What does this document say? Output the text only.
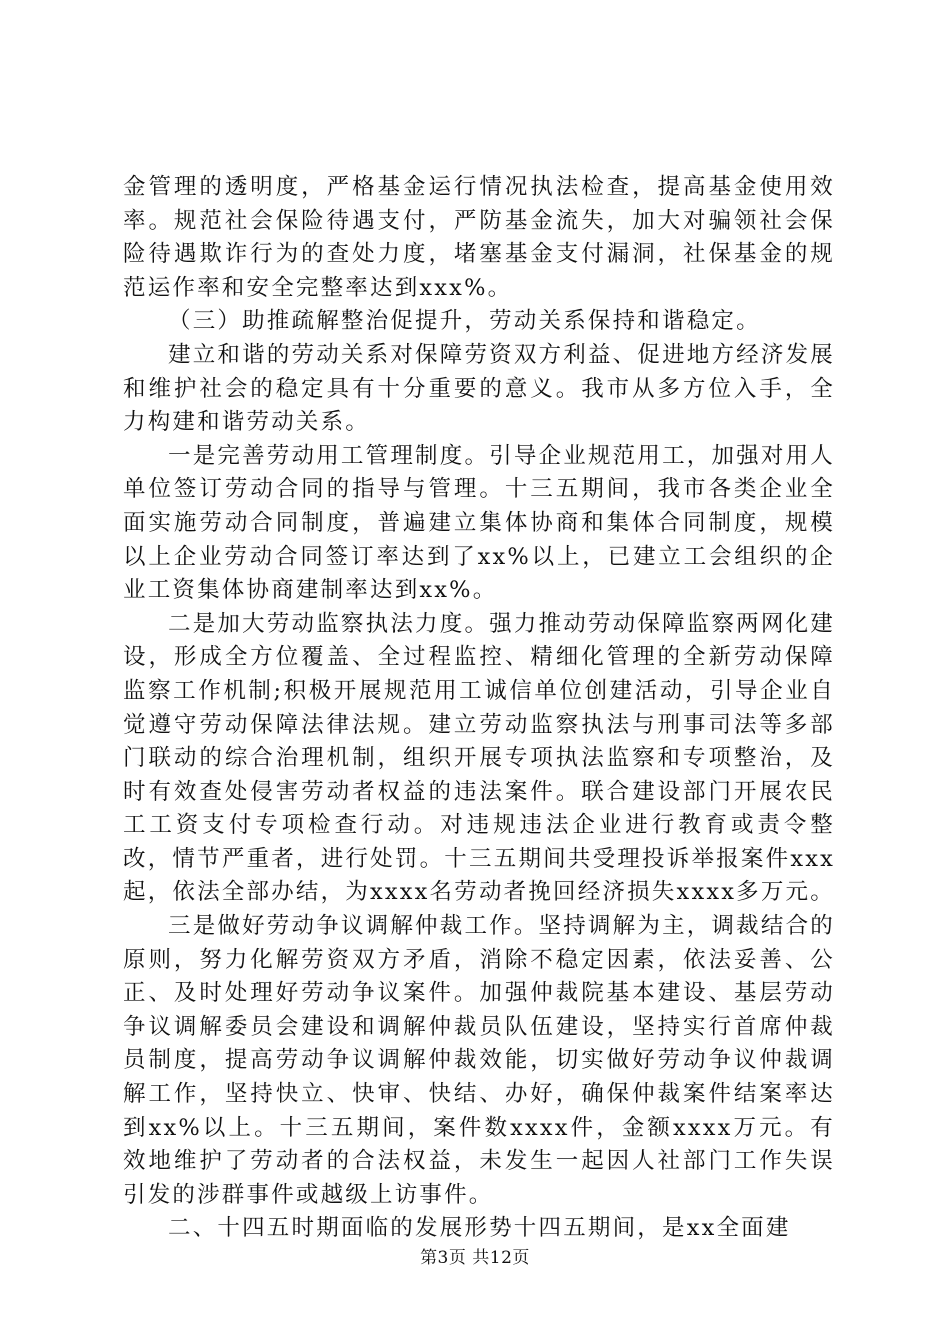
金管理的透明度，严格基金运行情况执法检查，提高基金使用效率。规范社会保险待遇支付，严防基金流失，加大对骗领社会保险待遇欺诈行为的查处力度，堵塞基金支付漏洞，社保基金的规范运作率和安全完整率达到xxx%。

（三）助推疏解整治促提升，劳动关系保持和谐稳定。

建立和谐的劳动关系对保障劳资双方利益、促进地方经济发展和维护社会的稳定具有十分重要的意义。我市从多方位入手，全力构建和谐劳动关系。

一是完善劳动用工管理制度。引导企业规范用工，加强对用人单位签订劳动合同的指导与管理。十三五期间，我市各类企业全面实施劳动合同制度，普遍建立集体协商和集体合同制度，规模以上企业劳动合同签订率达到了xx%以上，已建立工会组织的企业工资集体协商建制率达到xx%。

二是加大劳动监察执法力度。强力推动劳动保障监察两网化建设，形成全方位覆盖、全过程监控、精细化管理的全新劳动保障监察工作机制;积极开展规范用工诚信单位创建活动，引导企业自觉遵守劳动保障法律法规。建立劳动监察执法与刑事司法等多部门联动的综合治理机制，组织开展专项执法监察和专项整治，及时有效查处侵害劳动者权益的违法案件。联合建设部门开展农民工工资支付专项检查行动。对违规违法企业进行教育或责令整改，情节严重者，进行处罚。十三五期间共受理投诉举报案件xxx起，依法全部办结，为xxxx名劳动者挽回经济损失xxxx多万元。

三是做好劳动争议调解仲裁工作。坚持调解为主，调裁结合的原则，努力化解劳资双方矛盾，消除不稳定因素，依法妥善、公正、及时处理好劳动争议案件。加强仲裁院基本建设、基层劳动争议调解委员会建设和调解仲裁员队伍建设，坚持实行首席仲裁员制度，提高劳动争议调解仲裁效能，切实做好劳动争议仲裁调解工作，坚持快立、快审、快结、办好，确保仲裁案件结案率达到xx%以上。十三五期间，案件数xxxx件，金额xxxx万元。有效地维护了劳动者的合法权益，未发生一起因人社部门工作失误引发的涉群事件或越级上访事件。

二、十四五时期面临的发展形势十四五期间，是xx全面建

第3页 共12页
